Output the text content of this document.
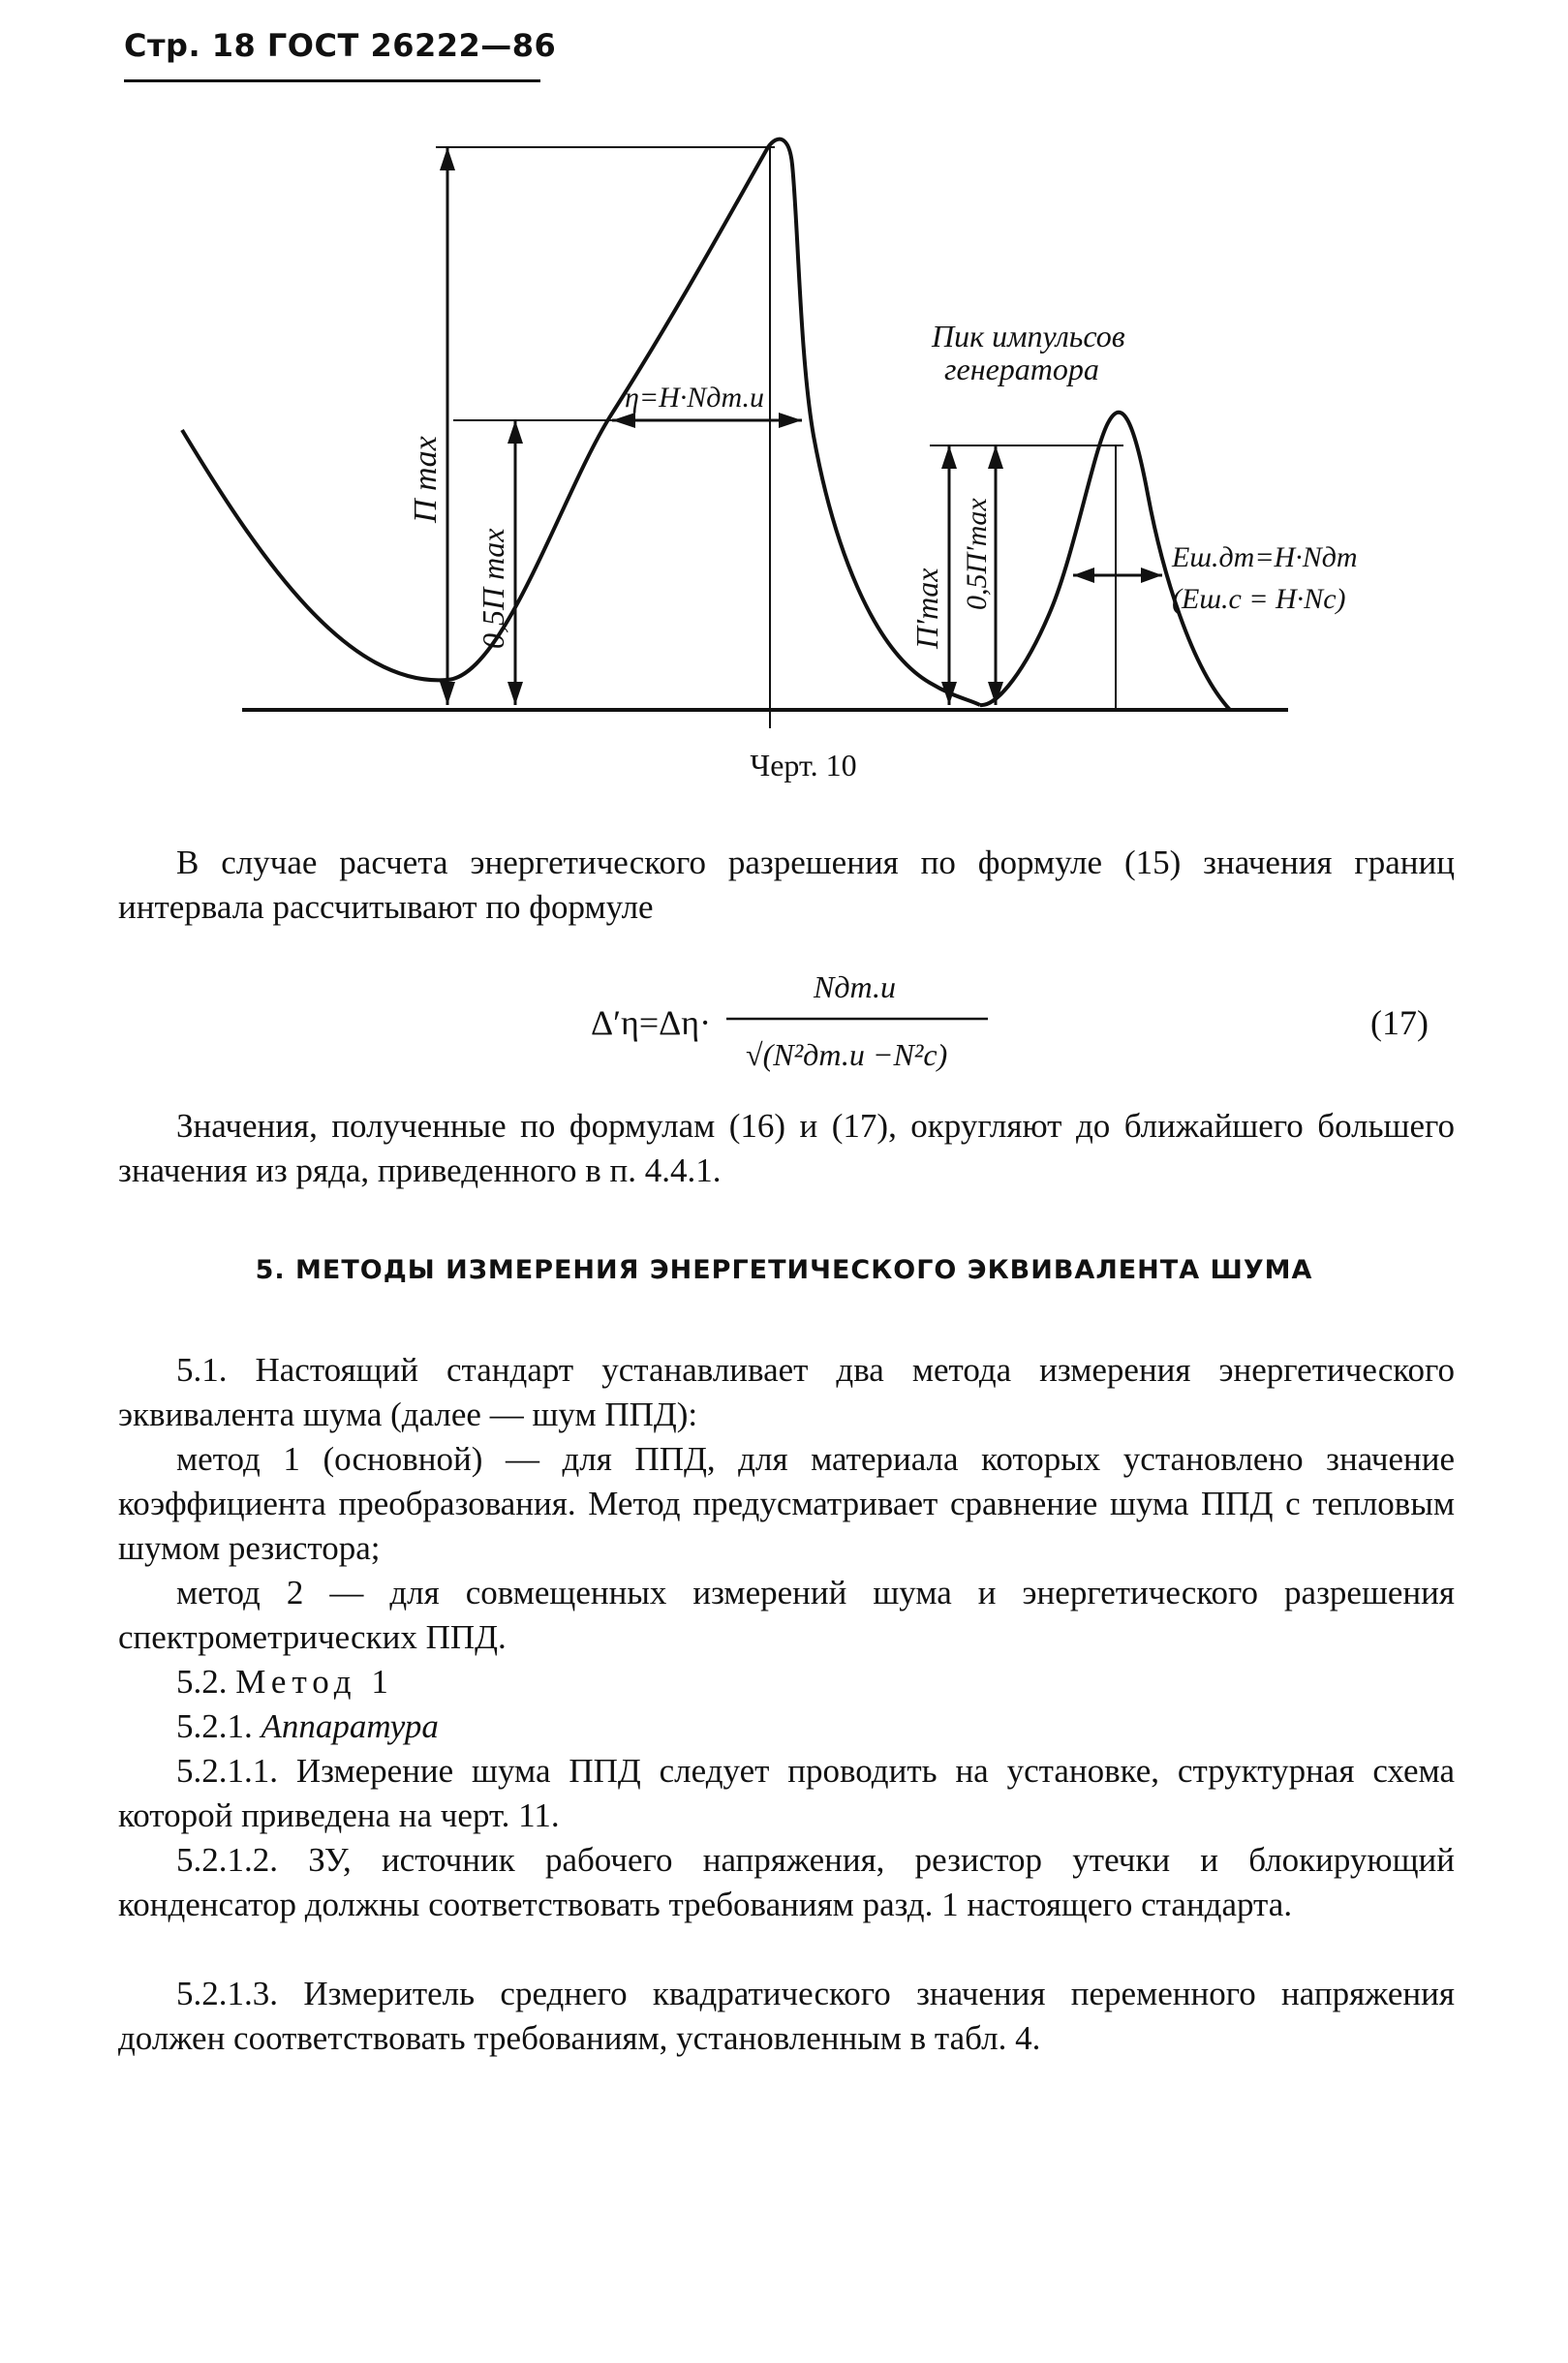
Стр. 18 ГОСТ 26222—86
П max
0,5П max
η=H·Nдт.и
П′max 0,5П′max
Пик импульсов
генератора
Eш.дт=H·Nдт
(Eш.с = H·Nс)
Черт. 10

В случае расчета энергетического разрешения по формуле (15) значения границ интервала рассчитывают по формуле

Δ′η=Δη·
Nдт.и
√(N²дт.и −N²с)
(17)

Значения, полученные по формулам (16) и (17), округляют до ближайшего большего значения из ряда, приведенного в п. 4.4.1.

5. МЕТОДЫ ИЗМЕРЕНИЯ ЭНЕРГЕТИЧЕСКОГО ЭКВИВАЛЕНТА ШУМА

5.1. Настоящий стандарт устанавливает два метода измерения энергетического эквивалента шума (далее — шум ППД):

метод 1 (основной) — для ППД, для материала которых установлено значение коэффициента преобразования. Метод предусматривает сравнение шума ППД с тепловым шумом резистора;

метод 2 — для совмещенных измерений шума и энергетического разрешения спектрометрических ППД.

5.2. Метод 1

5.2.1. Аппаратура

5.2.1.1. Измерение шума ППД следует проводить на установке, структурная схема которой приведена на черт. 11.

5.2.1.2. ЗУ, источник рабочего напряжения, резистор утечки и блокирующий конденсатор должны соответствовать требованиям разд. 1 настоящего стандарта.

5.2.1.3. Измеритель среднего квадратического значения переменного напряжения должен соответствовать требованиям, установленным в табл. 4.
